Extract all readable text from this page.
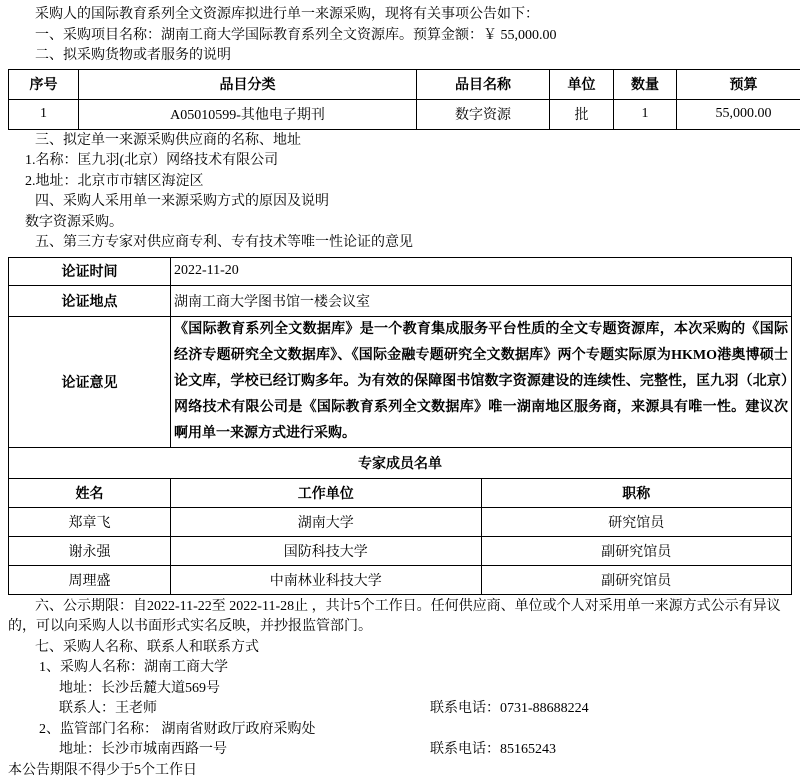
采购人的国际教育系列全文资源库拟进行单一来源采购，现将有关事项公告如下：

一、采购项目名称：湖南工商大学国际教育系列全文资源库。预算金额：￥ 55,000.00

二、拟采购货物或者服务的说明

序号	品目分类	品目名称	单位	数量	预算
1	A05010599-其他电子期刊	数字资源	批	1	55,000.00

三、拟定单一来源采购供应商的名称、地址

1.名称：匡九羽(北京）网络技术有限公司

2.地址：北京市市辖区海淀区

四、采购人采用单一来源采购方式的原因及说明

数字资源采购。

五、第三方专家对供应商专利、专有技术等唯一性论证的意见

论证时间	2022-11-20	
论证地点	湖南工商大学图书馆一楼会议室	
论证意见	《国际教育系列全文数据库》是一个教育集成服务平台性质的全文专题资源库，本次采购的《国际经济专题研究全文数据库》、《国际金融专题研究全文数据库》两个专题实际原为HKMO港奥博硕士论文库，学校已经订购多年。为有效的保障图书馆数字资源建设的连续性、完整性，匡九羽（北京）网络技术有限公司是《国际教育系列全文数据库》唯一湖南地区服务商，来源具有唯一性。建议次啊用单一来源方式进行采购。	
专家成员名单		
姓名	工作单位	职称
郑章飞	湖南大学	研究馆员
谢永强	国防科技大学	副研究馆员
周理盛	中南林业科技大学	副研究馆员

六、公示期限：自2022-11-22至 2022-11-28止 ，共计5个工作日。任何供应商、单位或个人对采用单一来源方式公示有异议的，可以向采购人以书面形式实名反映，并抄报监管部门。

七、采购人名称、联系人和联系方式

1、采购人名称：湖南工商大学

地址：长沙岳麓大道569号

联系人：王老师	联系电话：0731-88688224

2、监管部门名称： 湖南省财政厅政府采购处

地址：长沙市城南西路一号	联系电话：85165243

本公告期限不得少于5个工作日
